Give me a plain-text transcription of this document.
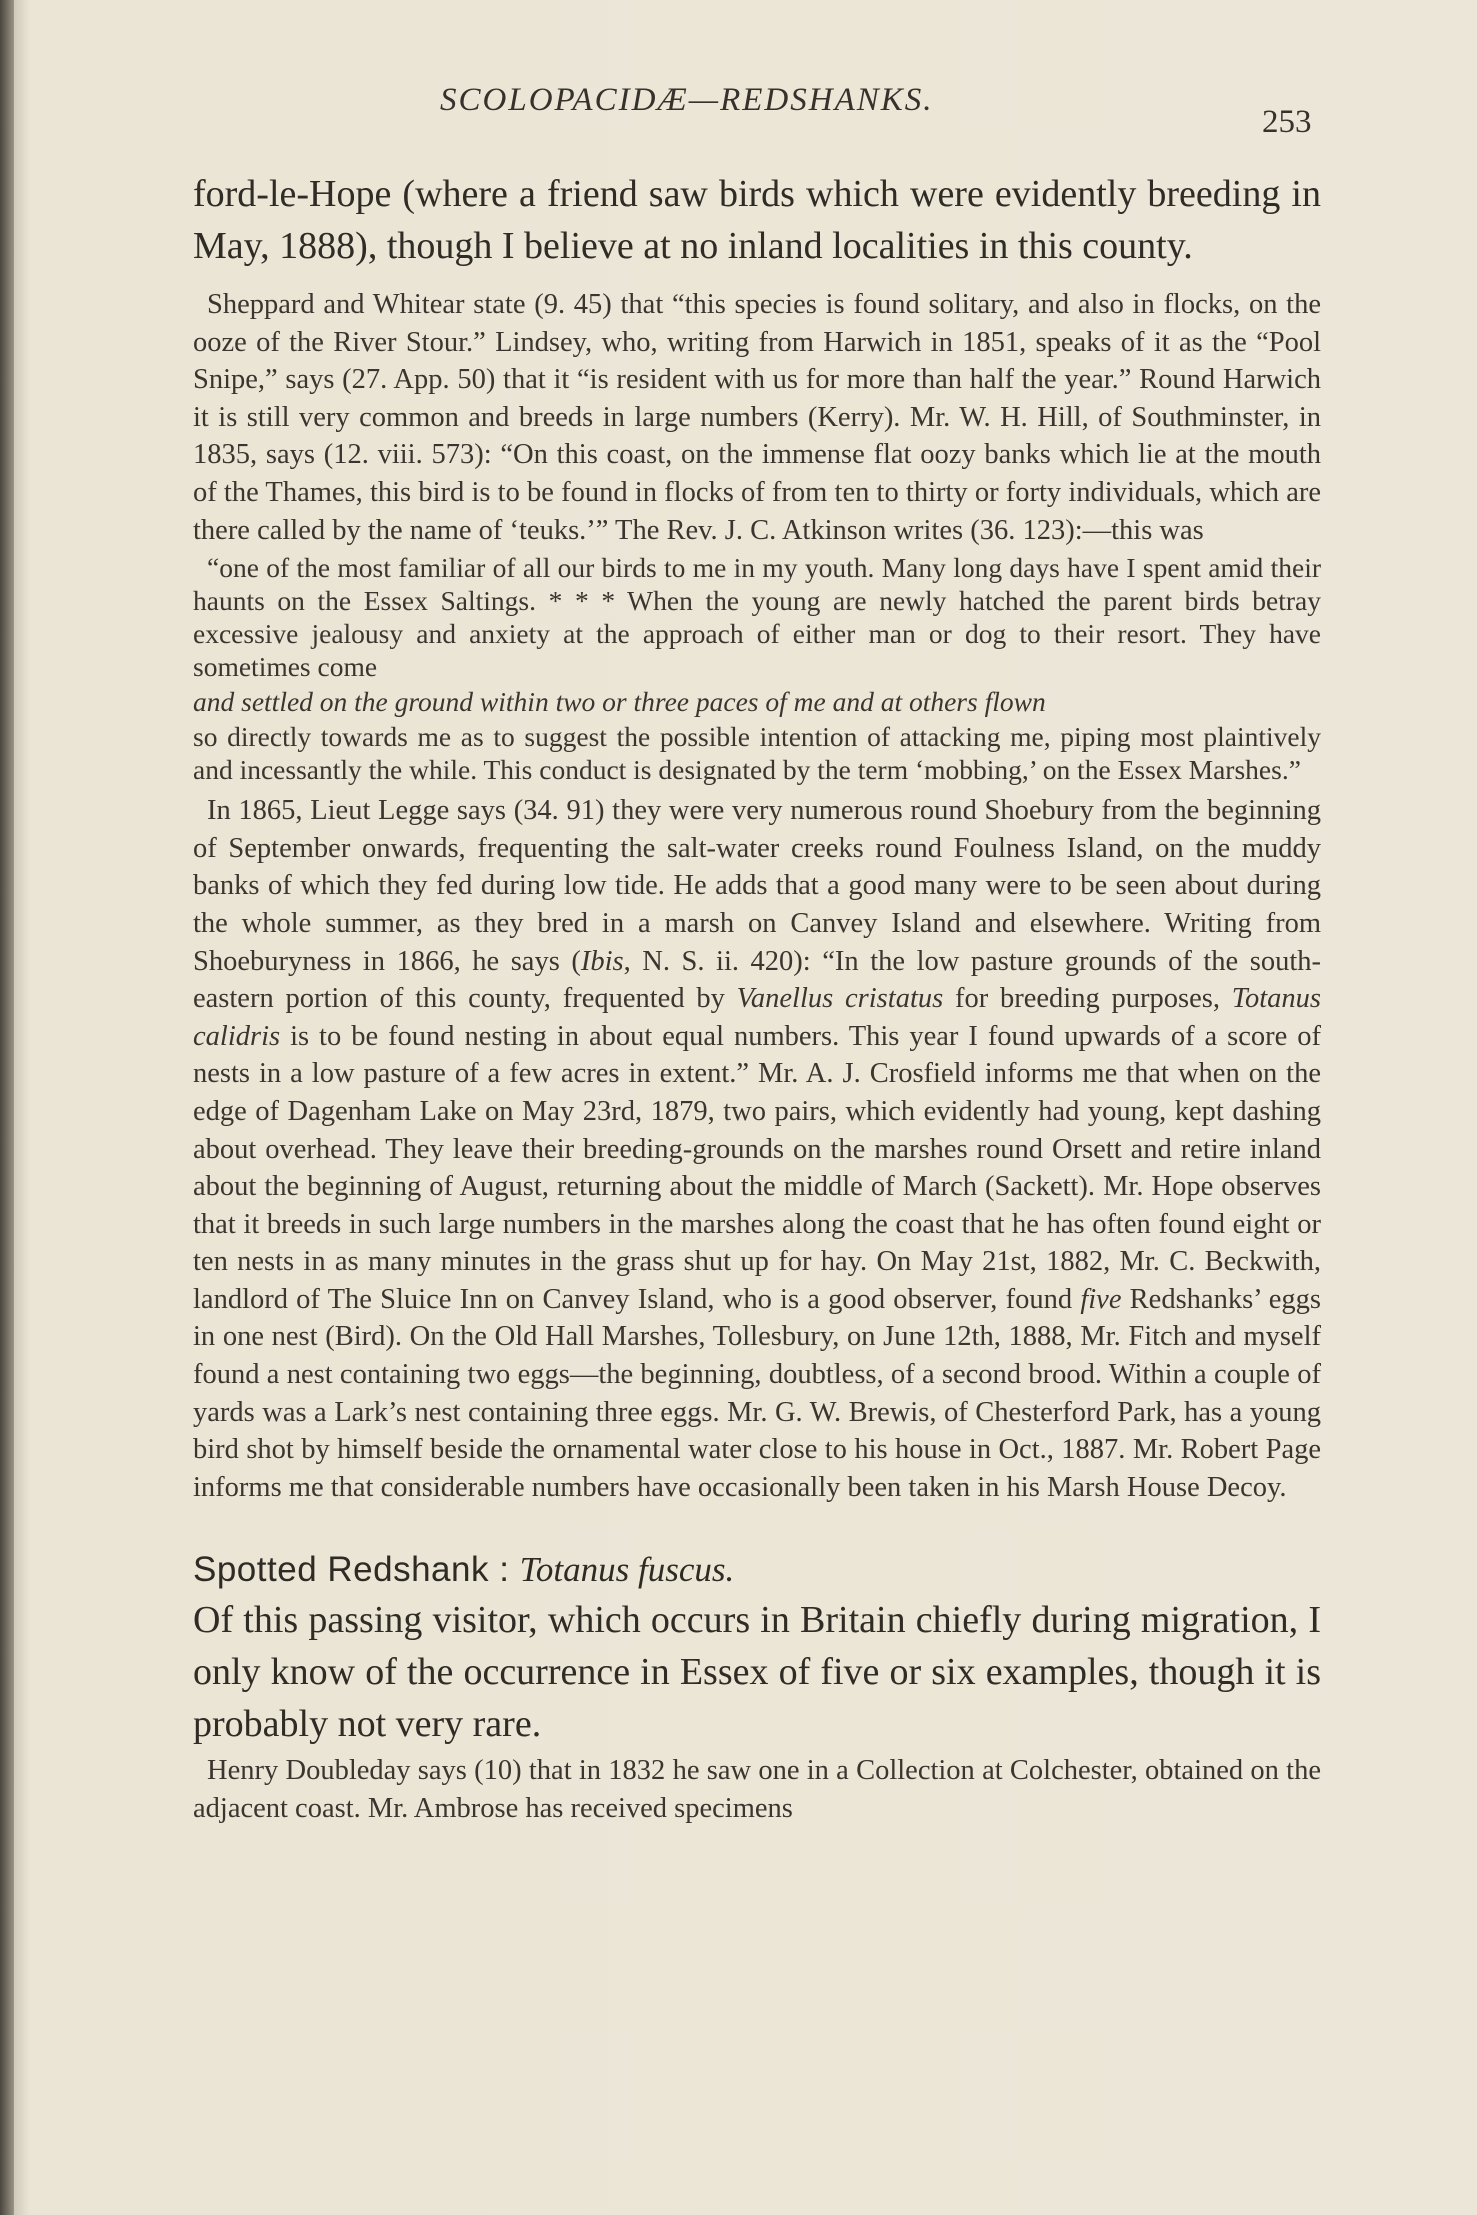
SCOLOPACIDÆ—REDSHANKS.
253

ford-le-Hope (where a friend saw birds which were evidently breeding in May, 1888), though I believe at no inland localities in this county.

Sheppard and Whitear state (9. 45) that “this species is found solitary, and also in flocks, on the ooze of the River Stour.” Lindsey, who, writing from Harwich in 1851, speaks of it as the “Pool Snipe,” says (27. App. 50) that it “is resident with us for more than half the year.” Round Harwich it is still very common and breeds in large numbers (Kerry). Mr. W. H. Hill, of Southminster, in 1835, says (12. viii. 573): “On this coast, on the immense flat oozy banks which lie at the mouth of the Thames, this bird is to be found in flocks of from ten to thirty or forty individuals, which are there called by the name of ‘teuks.’” The Rev. J. C. Atkinson writes (36. 123):—this was

“one of the most familiar of all our birds to me in my youth. Many long days have I spent amid their haunts on the Essex Saltings. * * * When the young are newly hatched the parent birds betray excessive jealousy and anxiety at the approach of either man or dog to their resort. They have sometimes come

and settled on the ground within two or three paces of me and at others flown

so directly towards me as to suggest the possible intention of attacking me, piping most plaintively and incessantly the while. This conduct is designated by the term ‘mobbing,’ on the Essex Marshes.”

In 1865, Lieut Legge says (34. 91) they were very numerous round Shoebury from the beginning of September onwards, frequenting the salt-water creeks round Foulness Island, on the muddy banks of which they fed during low tide. He adds that a good many were to be seen about during the whole summer, as they bred in a marsh on Canvey Island and elsewhere. Writing from Shoeburyness in 1866, he says (Ibis, N. S. ii. 420): “In the low pasture grounds of the south-eastern portion of this county, frequented by Vanellus cristatus for breeding purposes, Totanus calidris is to be found nesting in about equal numbers. This year I found upwards of a score of nests in a low pasture of a few acres in extent.” Mr. A. J. Crosfield informs me that when on the edge of Dagenham Lake on May 23rd, 1879, two pairs, which evidently had young, kept dashing about overhead. They leave their breeding-grounds on the marshes round Orsett and retire inland about the beginning of August, returning about the middle of March (Sackett). Mr. Hope observes that it breeds in such large numbers in the marshes along the coast that he has often found eight or ten nests in as many minutes in the grass shut up for hay. On May 21st, 1882, Mr. C. Beckwith, landlord of The Sluice Inn on Canvey Island, who is a good observer, found five Redshanks’ eggs in one nest (Bird). On the Old Hall Marshes, Tollesbury, on June 12th, 1888, Mr. Fitch and myself found a nest containing two eggs—the beginning, doubtless, of a second brood. Within a couple of yards was a Lark’s nest containing three eggs. Mr. G. W. Brewis, of Chesterford Park, has a young bird shot by himself beside the ornamental water close to his house in Oct., 1887. Mr. Robert Page informs me that considerable numbers have occasionally been taken in his Marsh House Decoy.

Spotted Redshank : Totanus fuscus.

Of this passing visitor, which occurs in Britain chiefly during migration, I only know of the occurrence in Essex of five or six examples, though it is probably not very rare.

Henry Doubleday says (10) that in 1832 he saw one in a Collection at Colchester, obtained on the adjacent coast. Mr. Ambrose has received specimens
